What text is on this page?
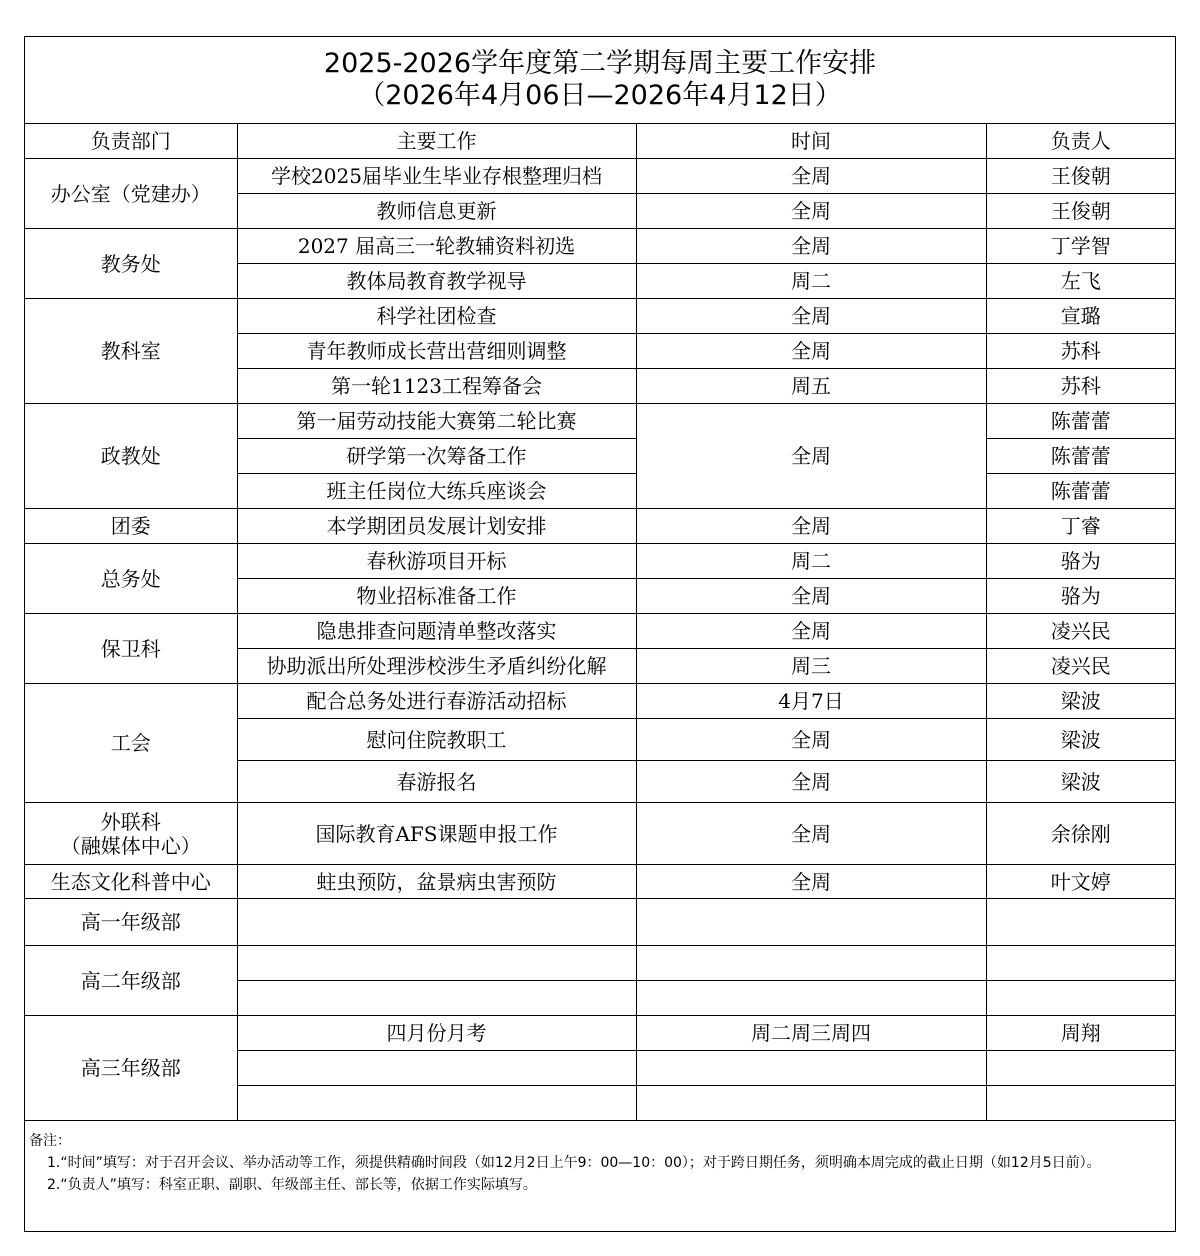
2025-2026学年度第二学期每周主要工作安排
（2026年4月06日—2026年4月12日）
负责部门	主要工作	时间	负责人
办公室（党建办）	学校2025届毕业生毕业存根整理归档	全周	王俊朝
	教师信息更新	全周	王俊朝
教务处	2027 届高三一轮教辅资料初选	全周	丁学智
	教体局教育教学视导	周二	左飞
教科室	科学社团检查	全周	宣璐
	青年教师成长营出营细则调整	全周	苏科
	第一轮1123工程筹备会	周五	苏科
政教处	第一届劳动技能大赛第二轮比赛	全周	陈蕾蕾
	研学第一次筹备工作		陈蕾蕾
	班主任岗位大练兵座谈会		陈蕾蕾
团委	本学期团员发展计划安排	全周	丁睿
总务处	春秋游项目开标	周二	骆为
	物业招标准备工作	全周	骆为
保卫科	隐患排查问题清单整改落实	全周	凌兴民
	协助派出所处理涉校涉生矛盾纠纷化解	周三	凌兴民
工会	配合总务处进行春游活动招标	4月7日	梁波
	慰问住院教职工	全周	梁波
	春游报名	全周	梁波

外联科
（融媒体中心）	国际教育AFS课题申报工作	全周	余徐刚
生态文化科普中心	蛀虫预防，盆景病虫害预防	全周	叶文婷
高一年级部			
高二年级部			

高三年级部	四月份月考	周二周三周四	周翔

备注：
1.“时间”填写：对于召开会议、举办活动等工作，须提供精确时间段（如12月2日上午9：00—10：00）；对于跨日期任务，须明确本周完成的截止日期（如12月5日前）。
2.“负责人”填写：科室正职、副职、年级部主任、部长等，依据工作实际填写。
